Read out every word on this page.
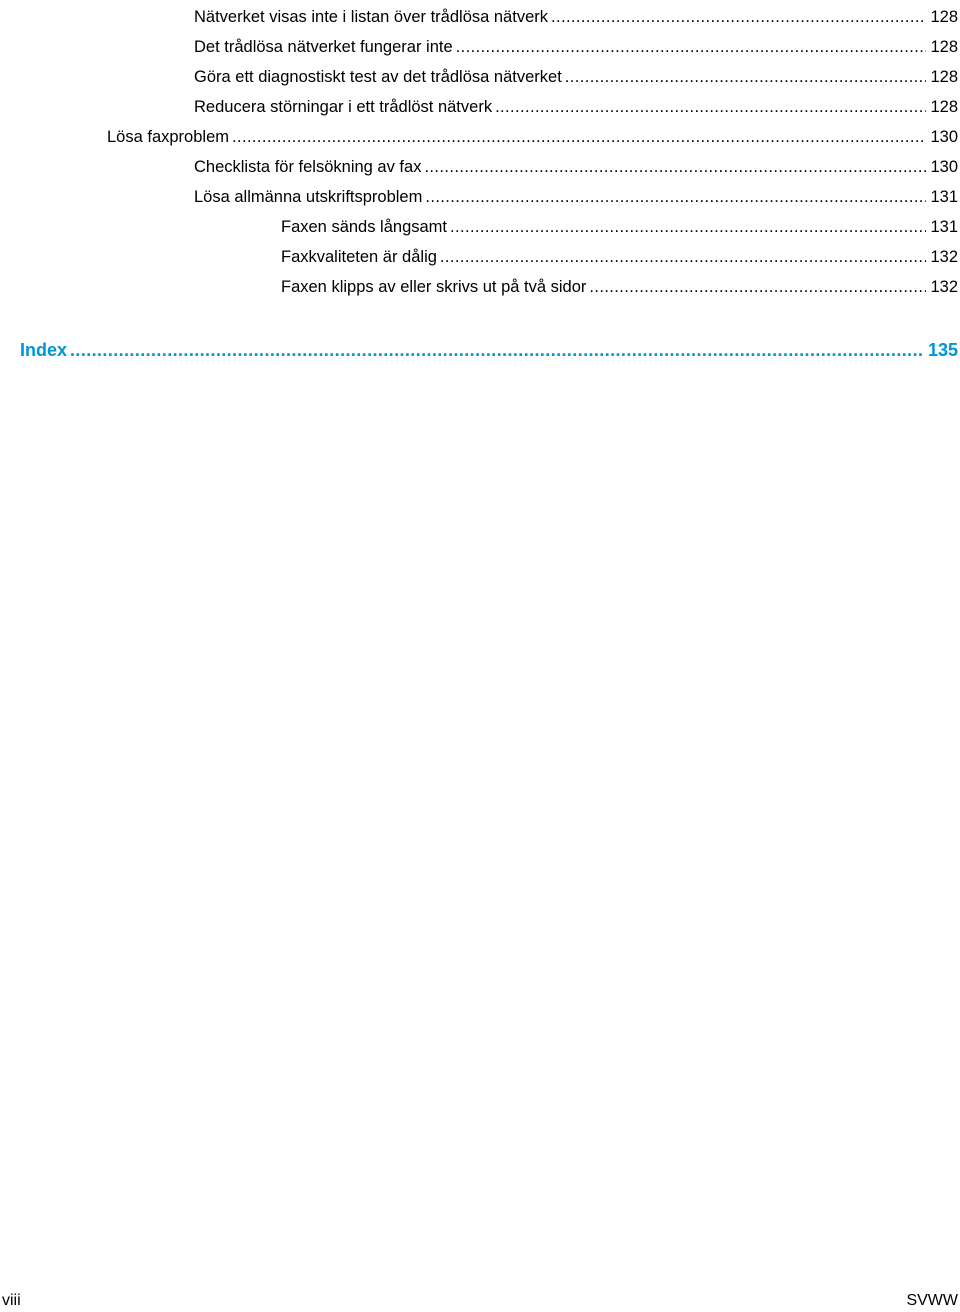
Nätverket visas inte i listan över trådlösa nätverk .....	128
Det trådlösa nätverket fungerar inte .....	128
Göra ett diagnostiskt test av det trådlösa nätverket .....	128
Reducera störningar i ett trådlöst nätverk .....	128
Lösa faxproblem .....	130
Checklista för felsökning av fax .....	130
Lösa allmänna utskriftsproblem .....	131
Faxen sänds långsamt .....	131
Faxkvaliteten är dålig .....	132
Faxen klipps av eller skrivs ut på två sidor .....	132
Index .....	135
viii	SVWW
